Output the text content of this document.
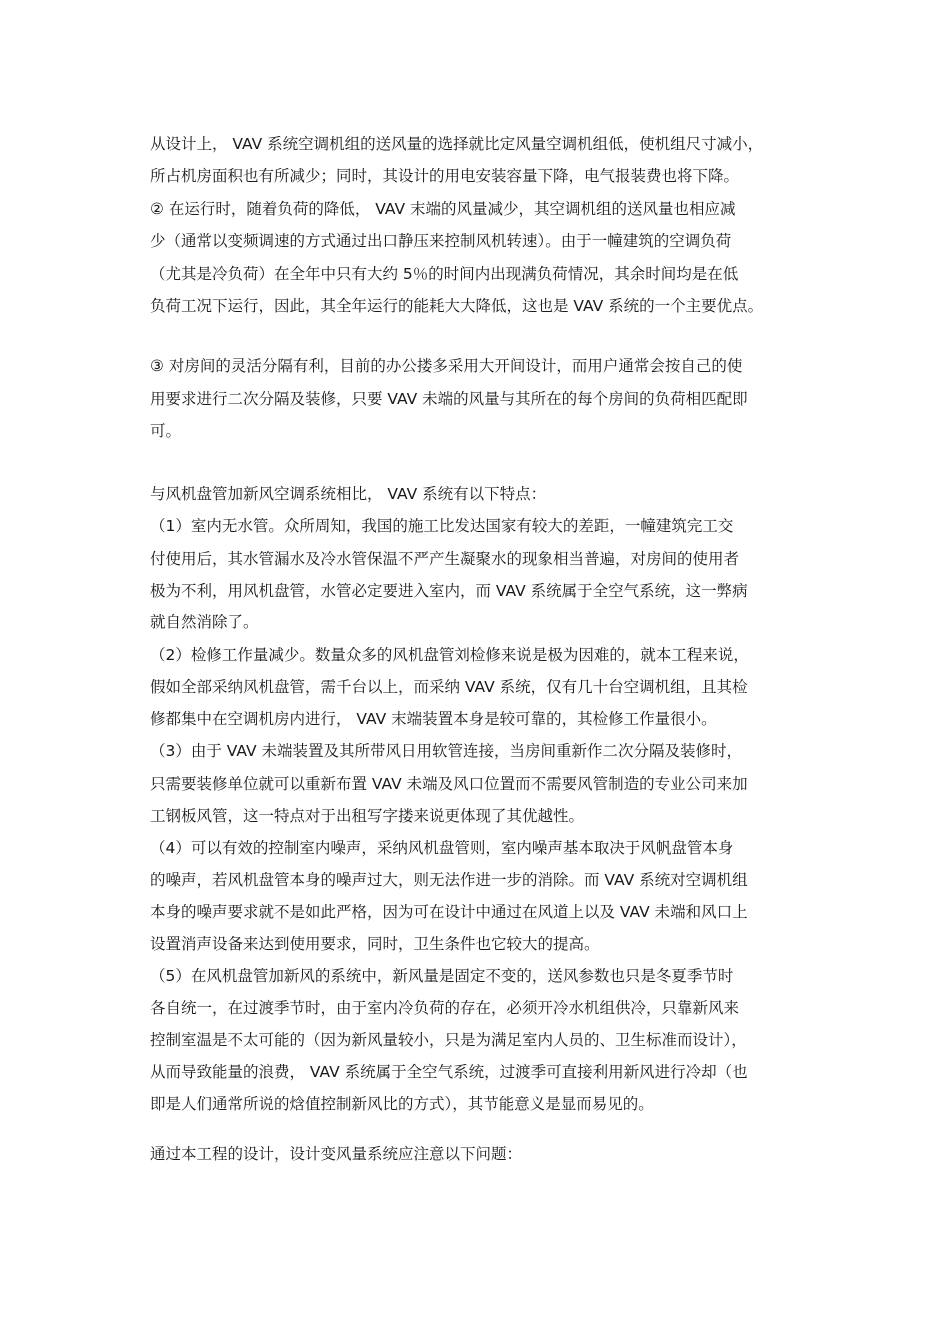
从设计上， VAV 系统空调机组的送风量的选择就比定风量空调机组低，使机组尺寸减小，

所占机房面积也有所减少；同时，其设计的用电安装容量下降，电气报装费也将下降。

② 在运行时，随着负荷的降低， VAV 末端的风量减少，其空调机组的送风量也相应减

少（通常以变频调速的方式通过出口静压来控制风机转速）。由于一幢建筑的空调负荷

（尤其是冷负荷）在全年中只有大约 5％的时间内出现满负荷情况，其余时间均是在低

负荷工况下运行，因此，其全年运行的能耗大大降低，这也是 VAV 系统的一个主要优点。

③ 对房间的灵活分隔有利，目前的办公搂多采用大开间设计，而用户通常会按自己的使

用要求进行二次分隔及装修，只要 VAV 未端的风量与其所在的每个房间的负荷相匹配即

可。

与风机盘管加新风空调系统相比， VAV 系统有以下特点：

（1）室内无水管。众所周知，我国的施工比发达国家有较大的差距，一幢建筑完工交

付使用后，其水管漏水及冷水管保温不严产生凝聚水的现象相当普遍，对房间的使用者

极为不利，用风机盘管，水管必定要进入室内，而 VAV 系统属于全空气系统，这一弊病

就自然消除了。

（2）检修工作量减少。数量众多的风机盘管刘检修来说是极为因难的，就本工程来说，

假如全部采纳风机盘管，需千台以上，而采纳 VAV 系统，仅有几十台空调机组，且其检

修都集中在空调机房内进行， VAV 末端装置本身是较可靠的，其检修工作量很小。

（3）由于 VAV 未端装置及其所带风日用软管连接，当房间重新作二次分隔及装修时，

只需要装修单位就可以重新布置 VAV 未端及风口位置而不需要风管制造的专业公司来加

工钢板风管，这一特点对于出租写字搂来说更体现了其优越性。

（4）可以有效的控制室内噪声，采纳风机盘管则，室内噪声基本取决于风帆盘管本身

的噪声，若风机盘管本身的噪声过大，则无法作进一步的消除。而 VAV 系统对空调机组

本身的噪声要求就不是如此严格，因为可在设计中通过在风道上以及 VAV 未端和风口上

设置消声设备来达到使用要求，同时，卫生条件也它较大的提高。

（5）在风机盘管加新风的系统中，新风量是固定不变的，送风参数也只是冬夏季节时

各自统一，在过渡季节时，由于室内冷负荷的存在，必须开冷水机组供冷，只靠新风来

控制室温是不太可能的（因为新风量较小，只是为满足室内人员的、卫生标准而设计），

从而导致能量的浪费， VAV 系统属于全空气系统，过渡季可直接利用新风进行冷却（也

即是人们通常所说的焓值控制新风比的方式），其节能意义是显而易见的。

通过本工程的设计，设计变风量系统应注意以下问题：
